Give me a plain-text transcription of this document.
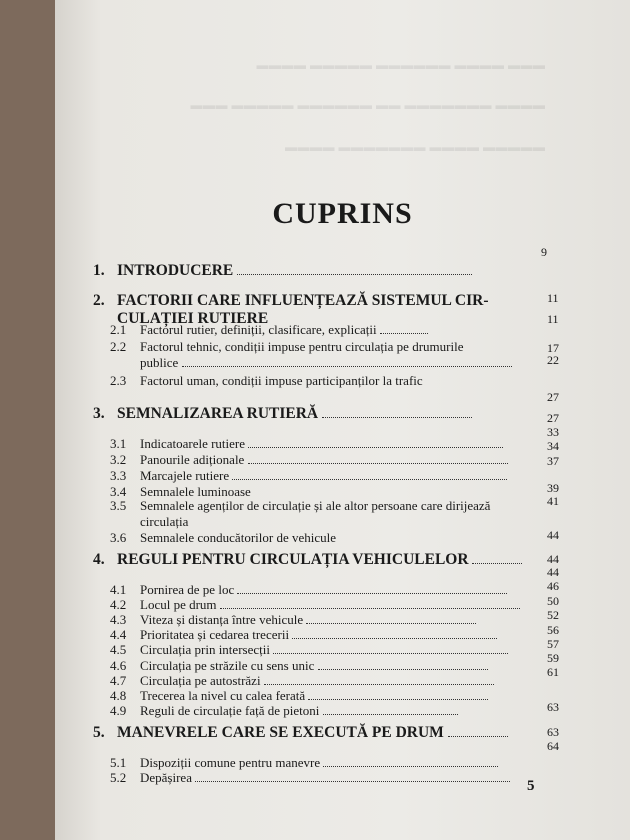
▬▬▬ ▬▬▬▬ ▬▬▬▬▬▬ ▬▬▬▬▬ ▬▬▬▬
▬▬▬▬ ▬▬▬▬▬▬▬ ▬▬ ▬▬▬▬▬▬ ▬▬▬▬▬ ▬▬▬
▬▬▬▬▬ ▬▬▬▬ ▬▬▬▬▬▬▬ ▬▬▬▬
CUPRINS
1. INTRODUCERE
9
2. FACTORII CARE INFLUENȚEAZĂ SISTEMUL CIR-
CULAȚIEI RUTIERE
11
2.1 Factorul rutier, definiții, clasificare, explicații
11
2.2 Factorul tehnic, condiții impuse pentru circulația pe drumurile
publice
17
2.3 Factorul uman, condiții impuse participanților la trafic
22
3. SEMNALIZAREA RUTIERĂ
27
3.1 Indicatoarele rutiere
27
3.2 Panourile adiționale
33
3.3 Marcajele rutiere
34
3.4 Semnalele luminoase
37
3.5 Semnalele agenților de circulație și ale altor persoane care dirijează
circulația
39
3.6 Semnalele conducătorilor de vehicule
41
4. REGULI PENTRU CIRCULAȚIA VEHICULELOR
44
4.1 Pornirea de pe loc
44
4.2 Locul pe drum
44
4.3 Viteza și distanța între vehicule
46
4.4 Prioritatea și cedarea trecerii
50
4.5 Circulația prin intersecții
52
4.6 Circulația pe străzile cu sens unic
56
4.7 Circulația pe autostrăzi
57
4.8 Trecerea la nivel cu calea ferată
59
4.9 Reguli de circulație față de pietoni
61
5. MANEVRELE CARE SE EXECUTĂ PE DRUM
63
5.1 Dispoziții comune pentru manevre
63
5.2 Depășirea
64
5
